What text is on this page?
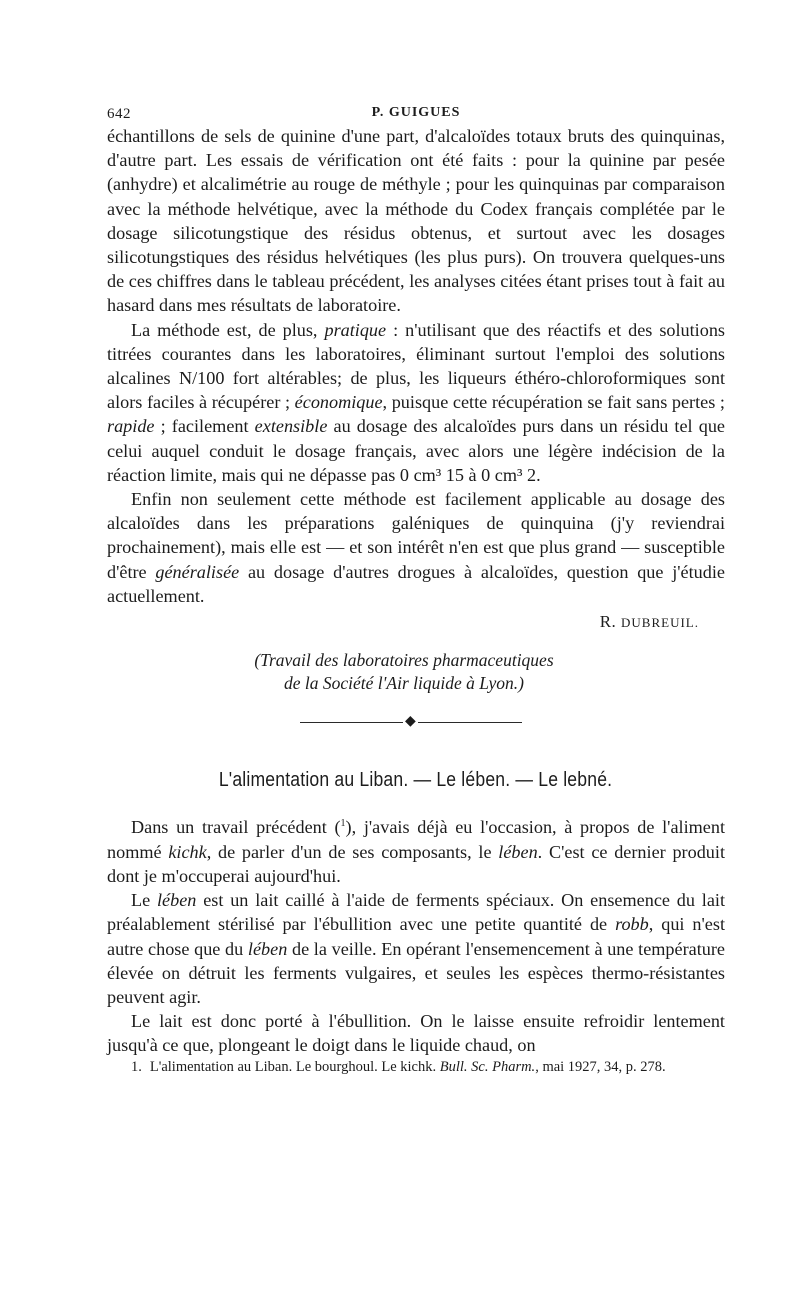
642	P. GUIGUES

échantillons de sels de quinine d'une part, d'alcaloïdes totaux bruts des quinquinas, d'autre part. Les essais de vérification ont été faits : pour la quinine par pesée (anhydre) et alcalimétrie au rouge de méthyle ; pour les quinquinas par comparaison avec la méthode helvétique, avec la méthode du Codex français complétée par le dosage silicotungstique des résidus obtenus, et surtout avec les dosages silicotungstiques des résidus helvétiques (les plus purs). On trouvera quelques-uns de ces chiffres dans le tableau précédent, les analyses citées étant prises tout à fait au hasard dans mes résultats de laboratoire.

La méthode est, de plus, pratique : n'utilisant que des réactifs et des solutions titrées courantes dans les laboratoires, éliminant surtout l'emploi des solutions alcalines N/100 fort altérables; de plus, les liqueurs éthéro-chloroformiques sont alors faciles à récupérer ; économique, puisque cette récupération se fait sans pertes ; rapide ; facilement extensible au dosage des alcaloïdes purs dans un résidu tel que celui auquel conduit le dosage français, avec alors une légère indécision de la réaction limite, mais qui ne dépasse pas 0 cm³ 15 à 0 cm³ 2.

Enfin non seulement cette méthode est facilement applicable au dosage des alcaloïdes dans les préparations galéniques de quinquina (j'y reviendrai prochainement), mais elle est — et son intérêt n'en est que plus grand — susceptible d'être généralisée au dosage d'autres drogues à alcaloïdes, question que j'étudie actuellement.

R. DUBREUIL.
(Travail des laboratoires pharmaceutiques
de la Société l'Air liquide à Lyon.)
◆
L'alimentation au Liban. — Le lében. — Le lebné.

Dans un travail précédent ($^1$), j'avais déjà eu l'occasion, à propos de l'aliment nommé kichk, de parler d'un de ses composants, le lében. C'est ce dernier produit dont je m'occuperai aujourd'hui.

Le lében est un lait caillé à l'aide de ferments spéciaux. On ensemence du lait préalablement stérilisé par l'ébullition avec une petite quantité de robb, qui n'est autre chose que du lében de la veille. En opérant l'ensemencement à une température élevée on détruit les ferments vulgaires, et seules les espèces thermo-résistantes peuvent agir.

Le lait est donc porté à l'ébullition. On le laisse ensuite refroidir lentement jusqu'à ce que, plongeant le doigt dans le liquide chaud, on

1. L'alimentation au Liban. Le bourghoul. Le kichk. Bull. Sc. Pharm., mai 1927, 34, p. 278.
